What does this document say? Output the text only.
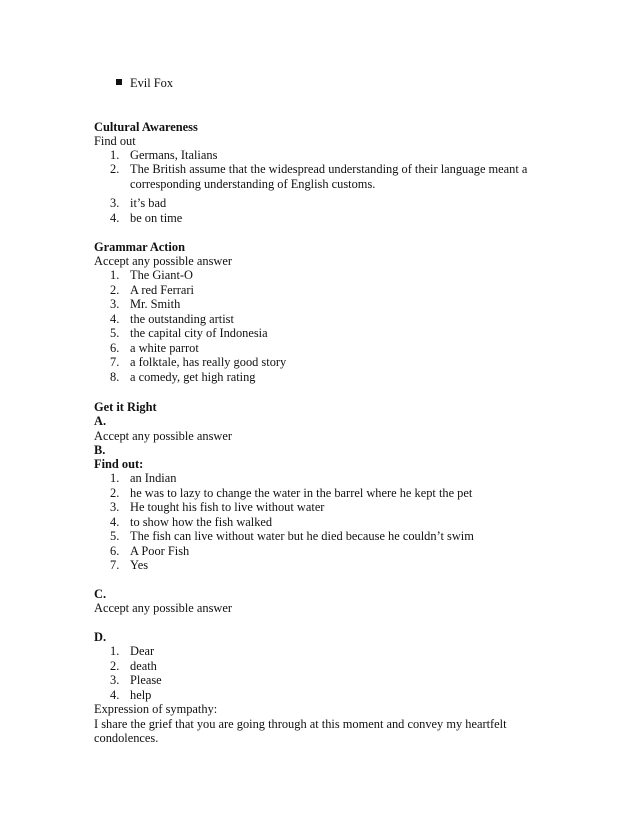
Evil Fox
Cultural Awareness
Find out
1. Germans, Italians
2. The British assume that the widespread understanding of their language meant a
corresponding understanding of English customs.
3. it’s bad
4. be on time
Grammar Action
Accept any possible answer
1. The Giant-O
2. A red Ferrari
3. Mr. Smith
4. the outstanding artist
5. the capital city of Indonesia
6. a white parrot
7. a folktale, has really good story
8. a comedy, get high rating
Get it Right
A.
Accept any possible answer
B.
Find out:
1. an Indian
2. he was to lazy to change the water in the barrel where he kept the pet
3. He tought his fish to live without water
4. to show how the fish walked
5. The fish can live without water but he died because he couldn’t swim
6. A Poor Fish
7. Yes
C.
Accept any possible answer
D.
1. Dear
2. death
3. Please
4. help
Expression of sympathy:
I share the grief that you are going through at this moment and convey my heartfelt
condolences.
